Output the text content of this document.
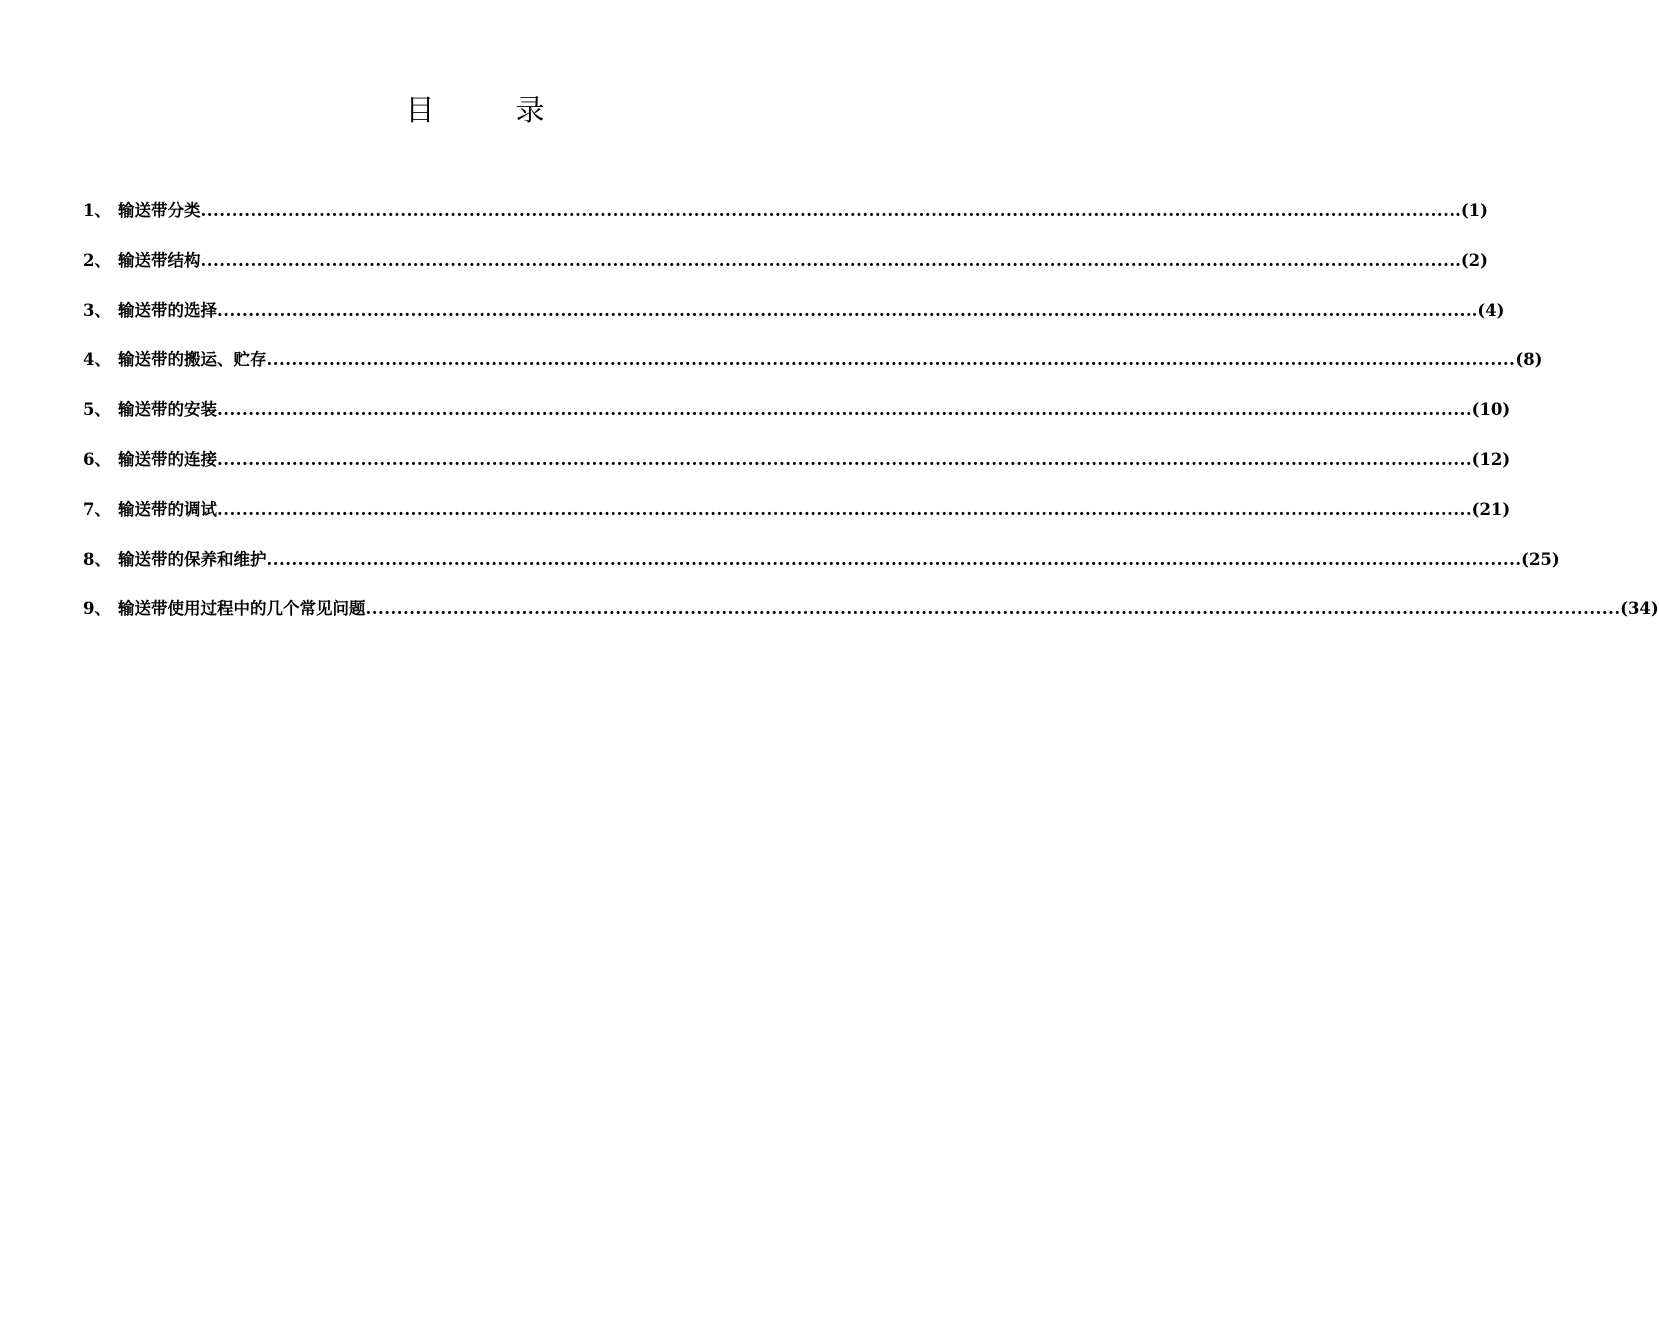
目　录
1、 输送带分类 ........................................................................................................................................................................................................ ..(1)
2、 输送带结构 ........................................................................................................................................................................................................ ..(2)
3、 输送带的选择 ........................................................................................................................................................................................................ ..(4)
4、 输送带的搬运、贮存 ........................................................................................................................................................................................................ (8)
5、 输送带的安装 ........................................................................................................................................................................................................ .(10)
6、 输送带的连接 ........................................................................................................................................................................................................ .(12)
7、 输送带的调试 ........................................................................................................................................................................................................ .(21)
8、 输送带的保养和维护 ........................................................................................................................................................................................................ .(25)
9、 输送带使用过程中的几个常见问题 ........................................................................................................................................................................................................ .(34)
